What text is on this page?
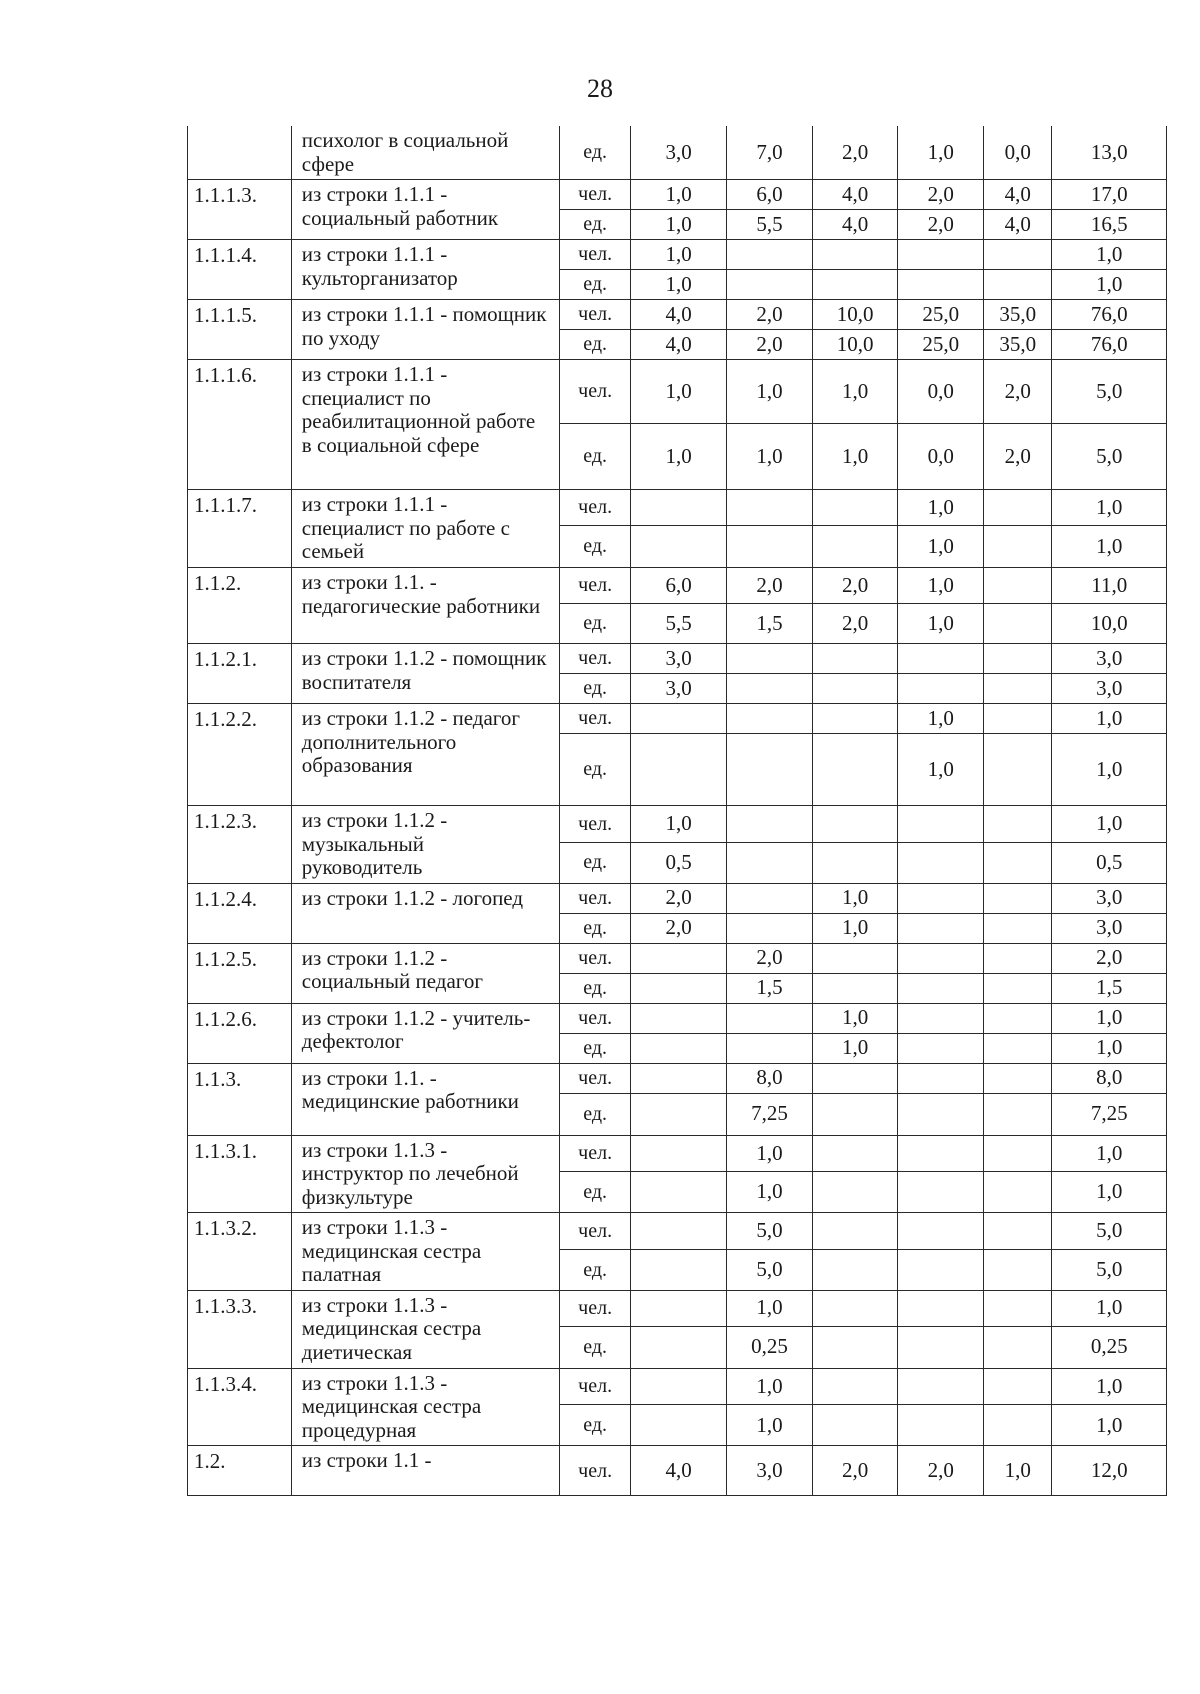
28
	психолог в социальной сфере	ед.	3,0	7,0	2,0	1,0	0,0	13,0
1.1.1.3.	из строки 1.1.1 - социальный работник	чел.	1,0	6,0	4,0	2,0	4,0	17,0
		ед.	1,0	5,5	4,0	2,0	4,0	16,5
1.1.1.4.	из строки 1.1.1 - культорганизатор	чел.	1,0					1,0
		ед.	1,0					1,0
1.1.1.5.	из строки 1.1.1 - помощник по уходу	чел.	4,0	2,0	10,0	25,0	35,0	76,0
		ед.	4,0	2,0	10,0	25,0	35,0	76,0
1.1.1.6.	из строки 1.1.1 - специалист по реабилитационной работе в социальной сфере	чел.	1,0	1,0	1,0	0,0	2,0	5,0
		ед.	1,0	1,0	1,0	0,0	2,0	5,0
1.1.1.7.	из строки 1.1.1 - специалист по работе с семьей	чел.				1,0		1,0
		ед.				1,0		1,0
1.1.2.	из строки 1.1. - педагогические работники	чел.	6,0	2,0	2,0	1,0		11,0
		ед.	5,5	1,5	2,0	1,0		10,0
1.1.2.1.	из строки 1.1.2 - помощник воспитателя	чел.	3,0					3,0
		ед.	3,0					3,0
1.1.2.2.	из строки 1.1.2 - педагог дополнительного образования	чел.				1,0		1,0
		ед.				1,0		1,0
1.1.2.3.	из строки 1.1.2 - музыкальный руководитель	чел.	1,0					1,0
		ед.	0,5					0,5
1.1.2.4.	из строки 1.1.2 - логопед	чел.	2,0		1,0			3,0
		ед.	2,0		1,0			3,0
1.1.2.5.	из строки 1.1.2 - социальный педагог	чел.		2,0				2,0
		ед.		1,5				1,5
1.1.2.6.	из строки 1.1.2 - учитель-дефектолог	чел.			1,0			1,0
		ед.			1,0			1,0
1.1.3.	из строки 1.1. - медицинские работники	чел.		8,0				8,0
		ед.		7,25				7,25
1.1.3.1.	из строки 1.1.3 - инструктор по лечебной физкультуре	чел.		1,0				1,0
		ед.		1,0				1,0
1.1.3.2.	из строки 1.1.3 - медицинская сестра палатная	чел.		5,0				5,0
		ед.		5,0				5,0
1.1.3.3.	из строки 1.1.3 - медицинская сестра диетическая	чел.		1,0				1,0
		ед.		0,25				0,25
1.1.3.4.	из строки 1.1.3 - медицинская сестра процедурная	чел.		1,0				1,0
		ед.		1,0				1,0
1.2.	из строки 1.1 -	чел.	4,0	3,0	2,0	2,0	1,0	12,0
